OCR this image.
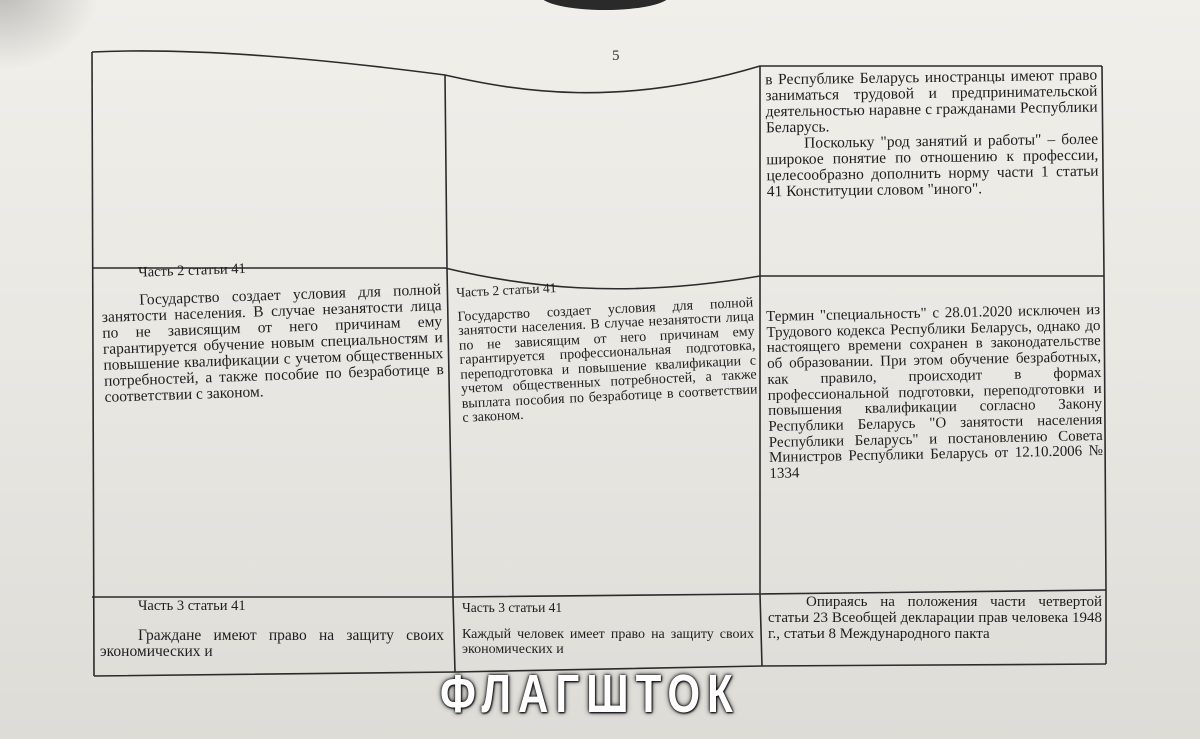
5

в Республике Беларусь иностранцы имеют право заниматься трудовой и предпринимательской деятельностью наравне с гражданами Республики Беларусь.

Поскольку "род занятий и работы" – более широкое понятие по отношению к профессии, целесообразно дополнить норму части 1 статьи 41 Конституции словом "иного".

Часть 2 статьи 41

Государство создает условия для полной занятости населения. В случае незанятости лица по не зависящим от него причинам ему гарантируется обучение новым специальностям и повышение квалификации с учетом общественных потребностей, а также пособие по безработице в соответствии с законом.

Часть 2 статьи 41

Государство создает условия для полной занятости населения. В случае незанятости лица по не зависящим от него причинам ему гарантируется профессиональная подготовка, переподготовка и повышение квалификации с учетом общественных потребностей, а также выплата пособия по безработице в соответствии с законом.

Термин "специальность" с 28.01.2020 исключен из Трудового кодекса Республики Беларусь, однако до настоящего времени сохранен в законодательстве об образовании. При этом обучение безработных, как правило, происходит в формах профессиональной подготовки, переподготовки и повышения квалификации согласно Закону Республики Беларусь "О занятости населения Республики Беларусь" и постановлению Совета Министров Республики Беларусь от 12.10.2006 № 1334

Часть 3 статьи 41

Граждане имеют право на защиту своих экономических и

Часть 3 статьи 41

Каждый человек имеет право на защиту своих экономических и

Опираясь на положения части четвертой статьи 23 Всеобщей декларации прав человека 1948 г., статьи 8 Международного пакта

ФЛАГШТОК
